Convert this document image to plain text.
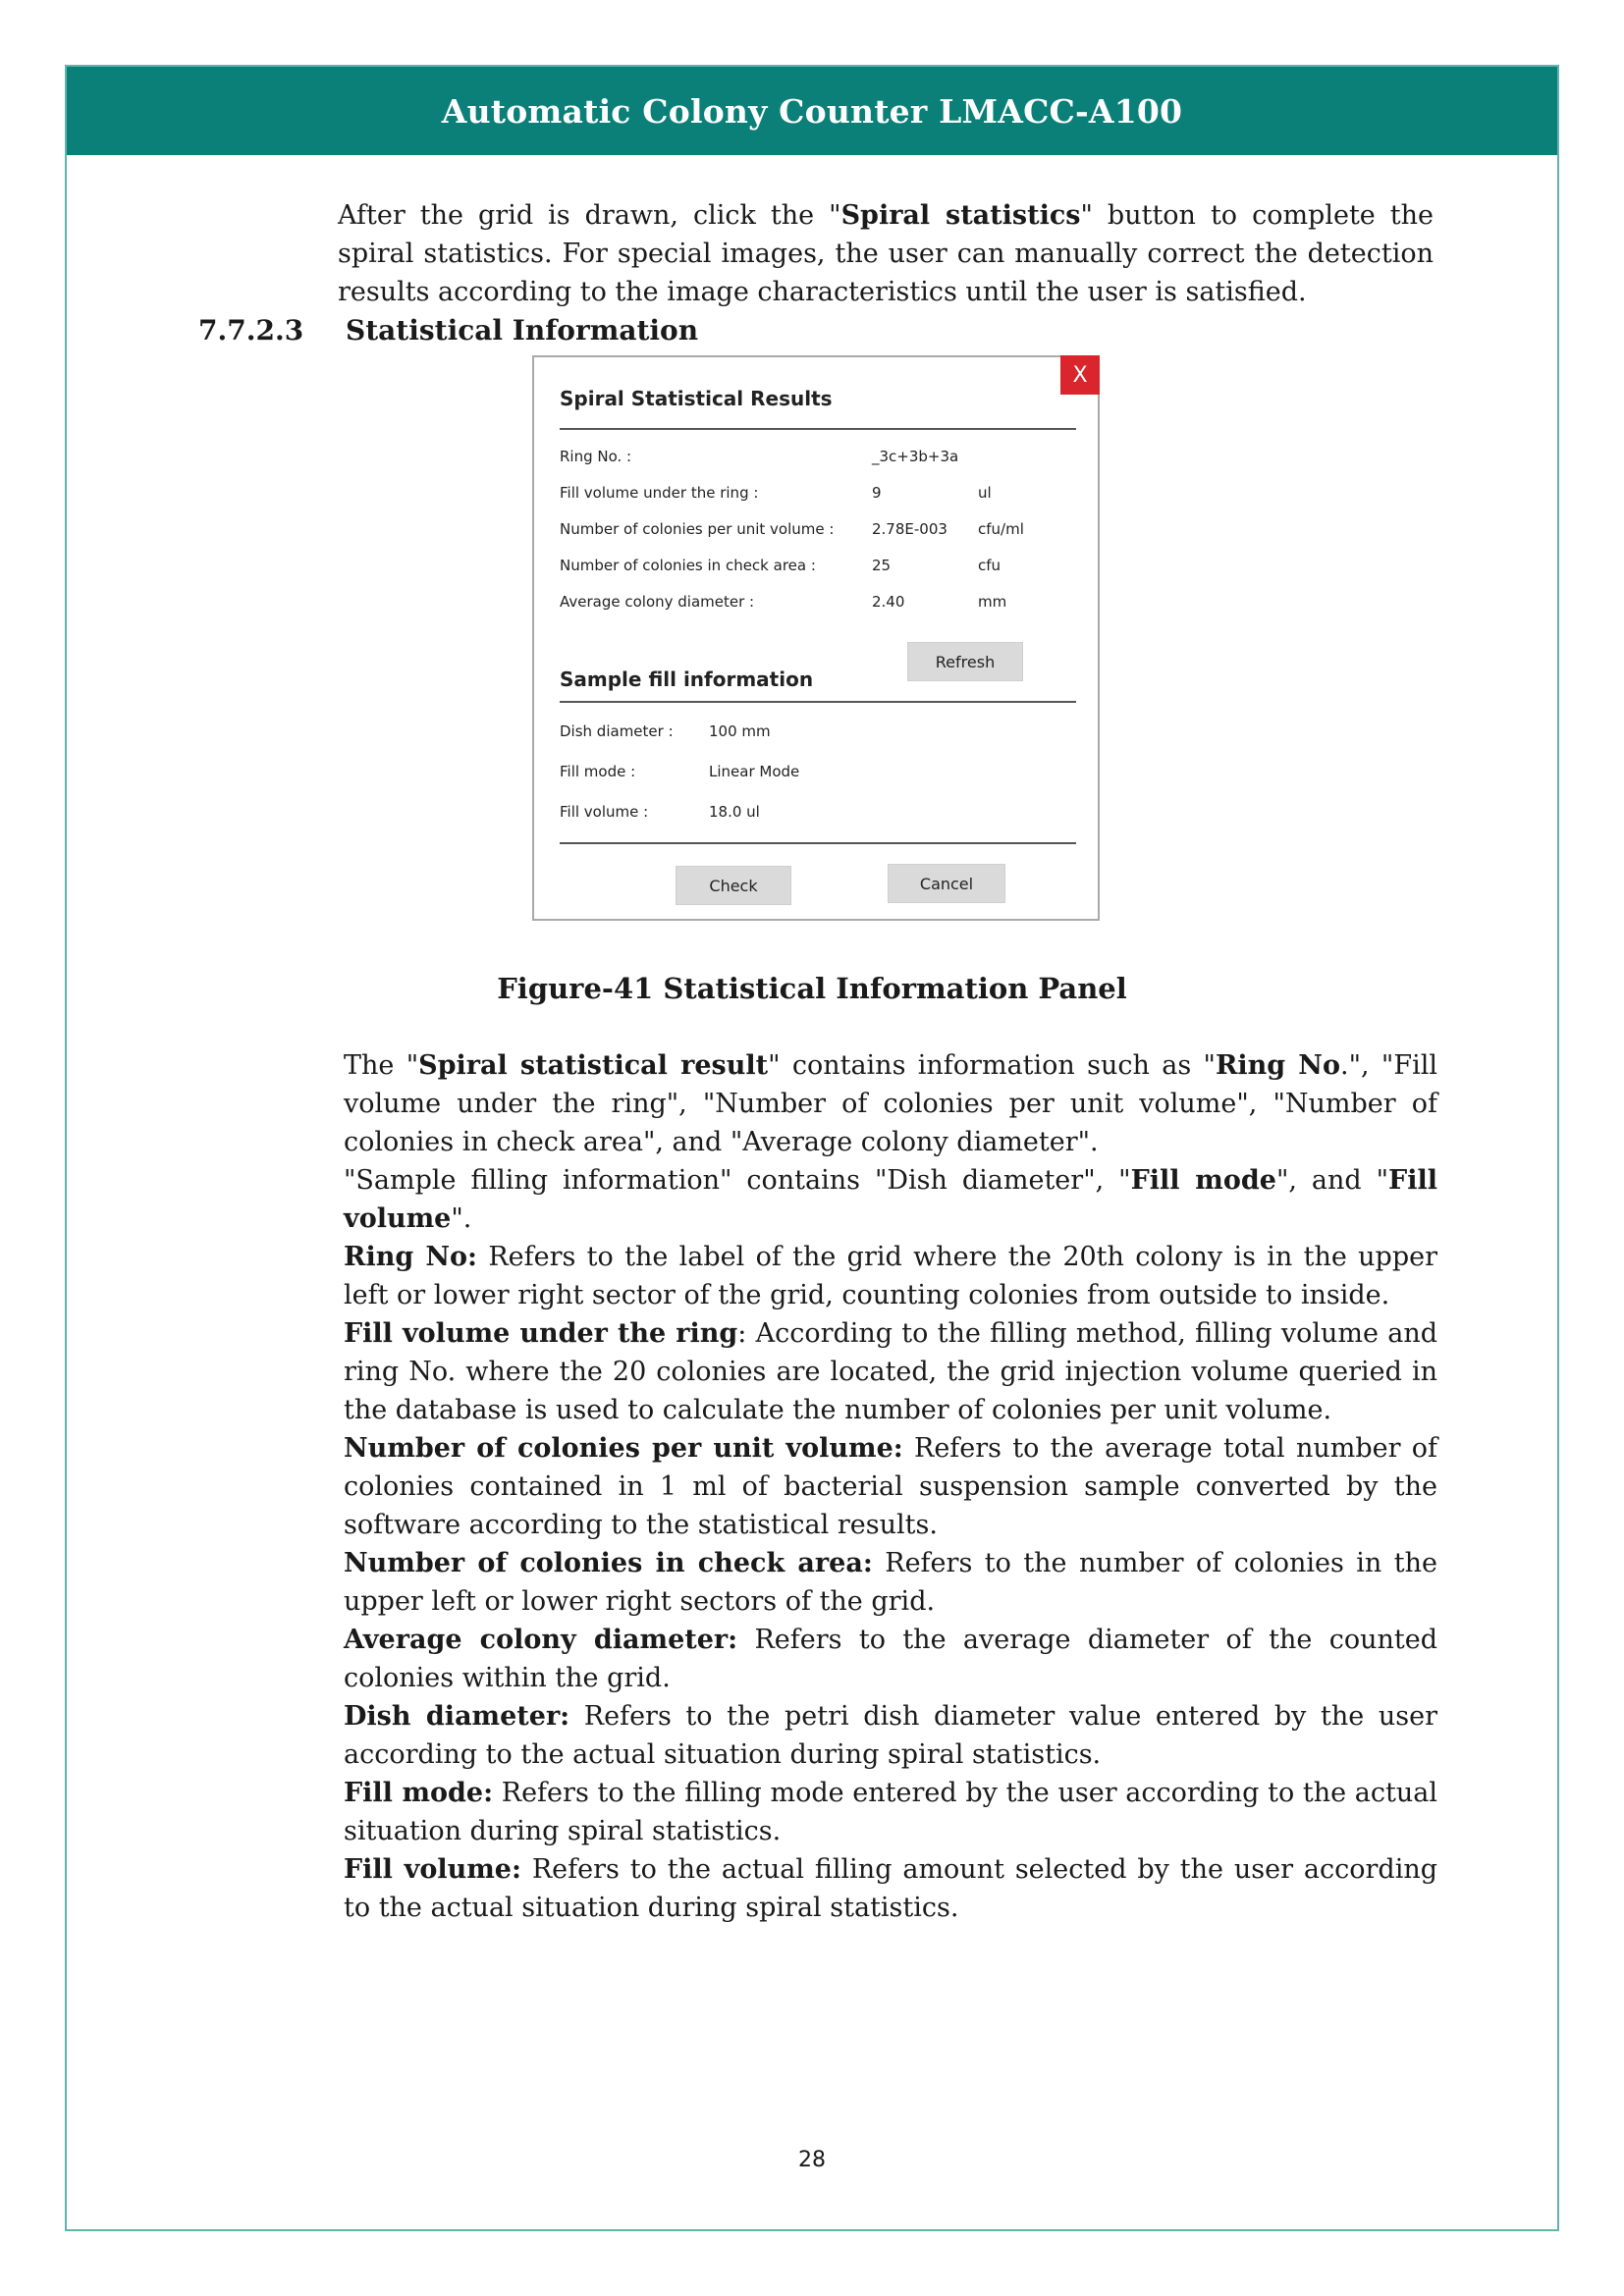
Automatic Colony Counter LMACC-A100

After the grid is drawn, click the "Spiral statistics" button to complete the spiral statistics. For special images, the user can manually correct the detection results according to the image characteristics until the user is satisfied.

7.7.2.3	Statistical Information
X
Spiral Statistical Results
Ring No. :	_3c+3b+3a
Fill volume under the ring :	9	ul
Number of colonies per unit volume :	2.78E-003 cfu/ml
Number of colonies in check area :	25	cfu
Average colony diameter :	2.40	mm
Refresh
Sample fill information
Dish diameter : 100 mm
Fill mode :	Linear Mode
Fill volume :	18.0 ul
Check	Cancel
Figure-41 Statistical Information Panel

The "Spiral statistical result" contains information such as "Ring No.", "Fill volume under the ring", "Number of colonies per unit volume", "Number of colonies in check area", and "Average colony diameter".

"Sample filling information" contains "Dish diameter", "Fill mode", and "Fill volume".

Ring No: Refers to the label of the grid where the 20th colony is in the upper left or lower right sector of the grid, counting colonies from outside to inside.

Fill volume under the ring: According to the filling method, filling volume and ring No. where the 20 colonies are located, the grid injection volume queried in the database is used to calculate the number of colonies per unit volume.

Number of colonies per unit volume: Refers to the average total number of colonies contained in 1 ml of bacterial suspension sample converted by the software according to the statistical results.

Number of colonies in check area: Refers to the number of colonies in the upper left or lower right sectors of the grid.

Average colony diameter: Refers to the average diameter of the counted colonies within the grid.

Dish diameter: Refers to the petri dish diameter value entered by the user according to the actual situation during spiral statistics.

Fill mode: Refers to the filling mode entered by the user according to the actual situation during spiral statistics.

Fill volume: Refers to the actual filling amount selected by the user according to the actual situation during spiral statistics.

28
